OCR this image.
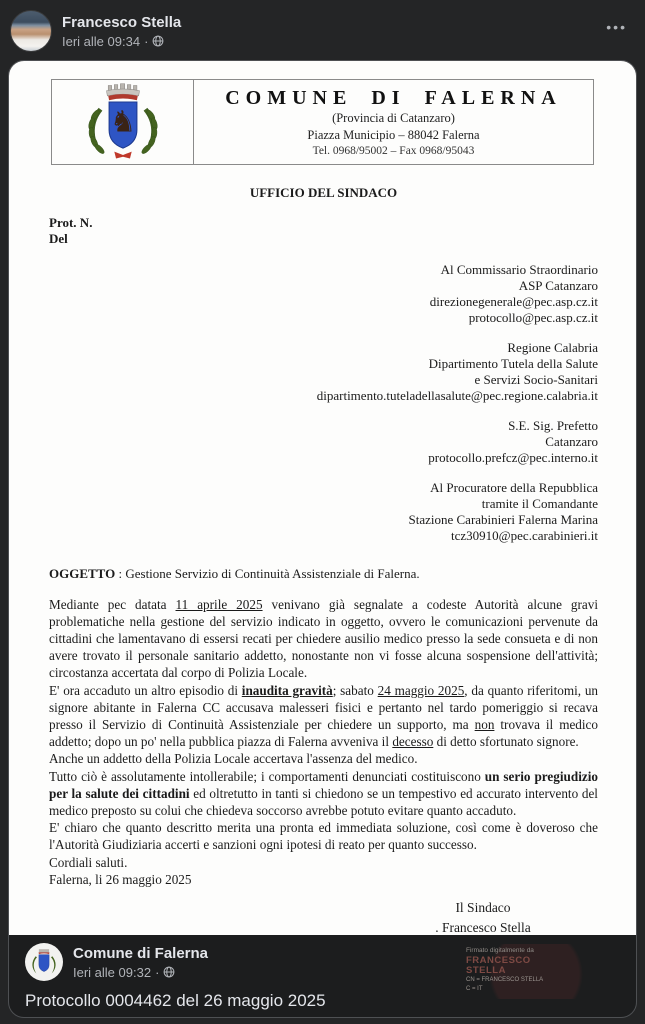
Francesco Stella
Ieri alle 09:34 ·
•••
♞
COMUNE DI FALERNA
(Provincia di Catanzaro)
Piazza Municipio – 88042 Falerna
Tel. 0968/95002 – Fax 0968/95043
UFFICIO DEL SINDACO
Prot. N.
Del
Al Commissario Straordinario
ASP Catanzaro
direzionegenerale@pec.asp.cz.it
protocollo@pec.asp.cz.it
Regione Calabria
Dipartimento Tutela della Salute
e Servizi Socio-Sanitari
dipartimento.tuteladellasalute@pec.regione.calabria.it
S.E. Sig. Prefetto
Catanzaro
protocollo.prefcz@pec.interno.it
Al Procuratore della Repubblica
tramite il Comandante
Stazione Carabinieri Falerna Marina
tcz30910@pec.carabinieri.it
OGGETTO : Gestione Servizio di Continuità Assistenziale di Falerna.

Mediante pec datata 11 aprile 2025 venivano già segnalate a codeste Autorità alcune gravi problematiche nella gestione del servizio indicato in oggetto, ovvero le comunicazioni pervenute da cittadini che lamentavano di essersi recati per chiedere ausilio medico presso la sede consueta e di non avere trovato il personale sanitario addetto, nonostante non vi fosse alcuna sospensione dell'attività; circostanza accertata dal corpo di Polizia Locale.

E' ora accaduto un altro episodio di inaudita gravità; sabato 24 maggio 2025, da quanto riferitomi, un signore abitante in Falerna CC accusava malesseri fisici e pertanto nel tardo pomeriggio si recava presso il Servizio di Continuità Assistenziale per chiedere un supporto, ma non trovava il medico addetto; dopo un po' nella pubblica piazza di Falerna avveniva il decesso di detto sfortunato signore.

Anche un addetto della Polizia Locale accertava l'assenza del medico.

Tutto ciò è assolutamente intollerabile; i comportamenti denunciati costituiscono un serio pregiudizio per la salute dei cittadini ed oltretutto in tanti si chiedono se un tempestivo ed accurato intervento del medico preposto su colui che chiedeva soccorso avrebbe potuto evitare quanto accaduto.

E' chiaro che quanto descritto merita una pronta ed immediata soluzione, così come è doveroso che l'Autorità Giudiziaria accerti e sanzioni ogni ipotesi di reato per quanto successo.

Cordiali saluti.

Falerna, li 26 maggio 2025

Il Sindaco
. Francesco Stella
Firmato digitalmente da
FRANCESCO
STELLA
CN = FRANCESCO STELLA
C = IT
Comune di Falerna
Ieri alle 09:32 ·
Protocollo 0004462 del 26 maggio 2025
